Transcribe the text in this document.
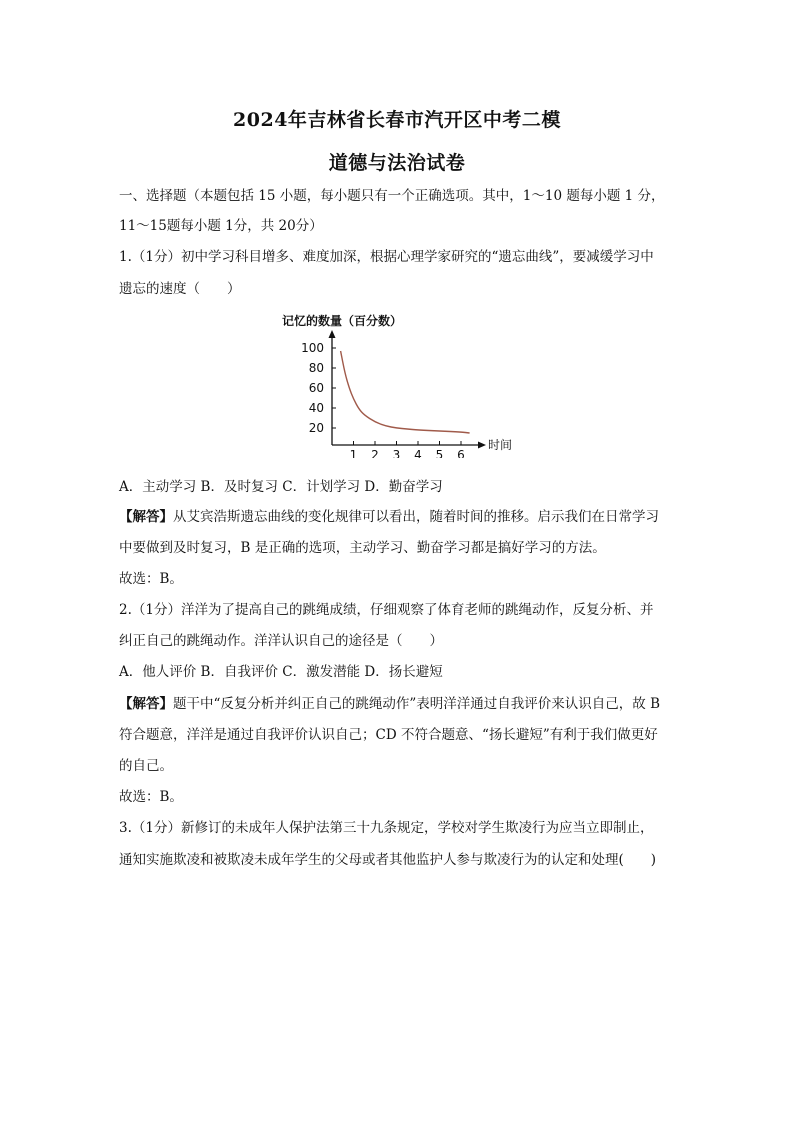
2024年吉林省长春市汽开区中考二模
道德与法治试卷
一、选择题（本题包括 15 小题，每小题只有一个正确选项。其中，1～10 题每小题 1 分，
11～15题每小题 1分，共 20分）
1.（1分）初中学习科目增多、难度加深，根据心理学家研究的“遗忘曲线”，要减缓学习中
遗忘的速度（　　）
记忆的数量（百分数）
时间
20
40
60
80
100
1 2 3 4 5 6
A．主动学习 B．及时复习 C．计划学习 D．勤奋学习
【解答】从艾宾浩斯遗忘曲线的变化规律可以看出，随着时间的推移。启示我们在日常学习
中要做到及时复习，B 是正确的选项，主动学习、勤奋学习都是搞好学习的方法。
故选：B。
2.（1分）洋洋为了提高自己的跳绳成绩，仔细观察了体育老师的跳绳动作，反复分析、并
纠正自己的跳绳动作。洋洋认识自己的途径是（　　）
A．他人评价 B．自我评价 C．激发潜能 D．扬长避短
【解答】题干中“反复分析并纠正自己的跳绳动作”表明洋洋通过自我评价来认识自己，故 B
符合题意，洋洋是通过自我评价认识自己；CD 不符合题意、“扬长避短”有利于我们做更好
的自己。
故选：B。
3.（1分）新修订的未成年人保护法第三十九条规定，学校对学生欺凌行为应当立即制止，
通知实施欺凌和被欺凌未成年学生的父母或者其他监护人参与欺凌行为的认定和处理(　　)
